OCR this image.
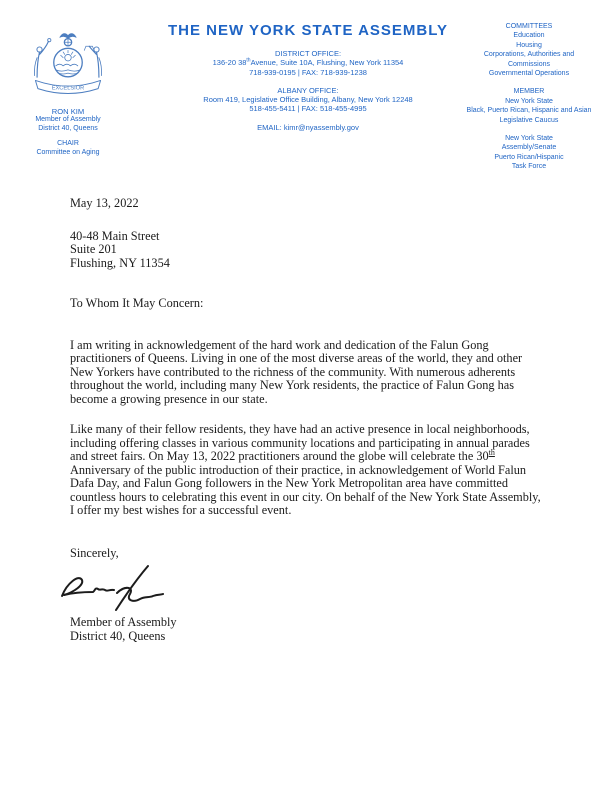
EXCELSIOR
RON KIM
Member of Assembly
District 40, Queens
CHAIR
Committee on Aging
THE NEW YORK STATE ASSEMBLY
DISTRICT OFFICE:
136-20 38thAvenue, Suite 10A, Flushing, New York 11354
718-939-0195 | FAX: 718-939-1238
ALBANY OFFICE:
Room 419, Legislative Office Building, Albany, New York 12248
518-455-5411 | FAX: 518-455-4995
EMAIL: kimr@nyassembly.gov
COMMITTEES
Education
Housing
Corporations, Authorities and Commissions
Governmental Operations
MEMBER
New York State
Black, Puerto Rican, Hispanic and Asian Legislative Caucus
New York State
Assembly/Senate
Puerto Rican/Hispanic
Task Force
May 13, 2022
40-48 Main Street
Suite 201
Flushing, NY 11354
To Whom It May Concern:
I am writing in acknowledgement of the hard work and dedication of the Falun Gong practitioners of Queens. Living in one of the most diverse areas of the world, they and other New Yorkers have contributed to the richness of the community. With numerous adherents throughout the world, including many New York residents, the practice of Falun Gong has become a growing presence in our state.
Like many of their fellow residents, they have had an active presence in local neighborhoods, including offering classes in various community locations and participating in annual parades and street fairs. On May 13, 2022 practitioners around the globe will celebrate the 30th Anniversary of the public introduction of their practice, in acknowledgement of World Falun Dafa Day, and Falun Gong followers in the New York Metropolitan area have committed countless hours to celebrating this event in our city. On behalf of the New York State Assembly, I offer my best wishes for a successful event.
Sincerely,
Member of Assembly
District 40, Queens
